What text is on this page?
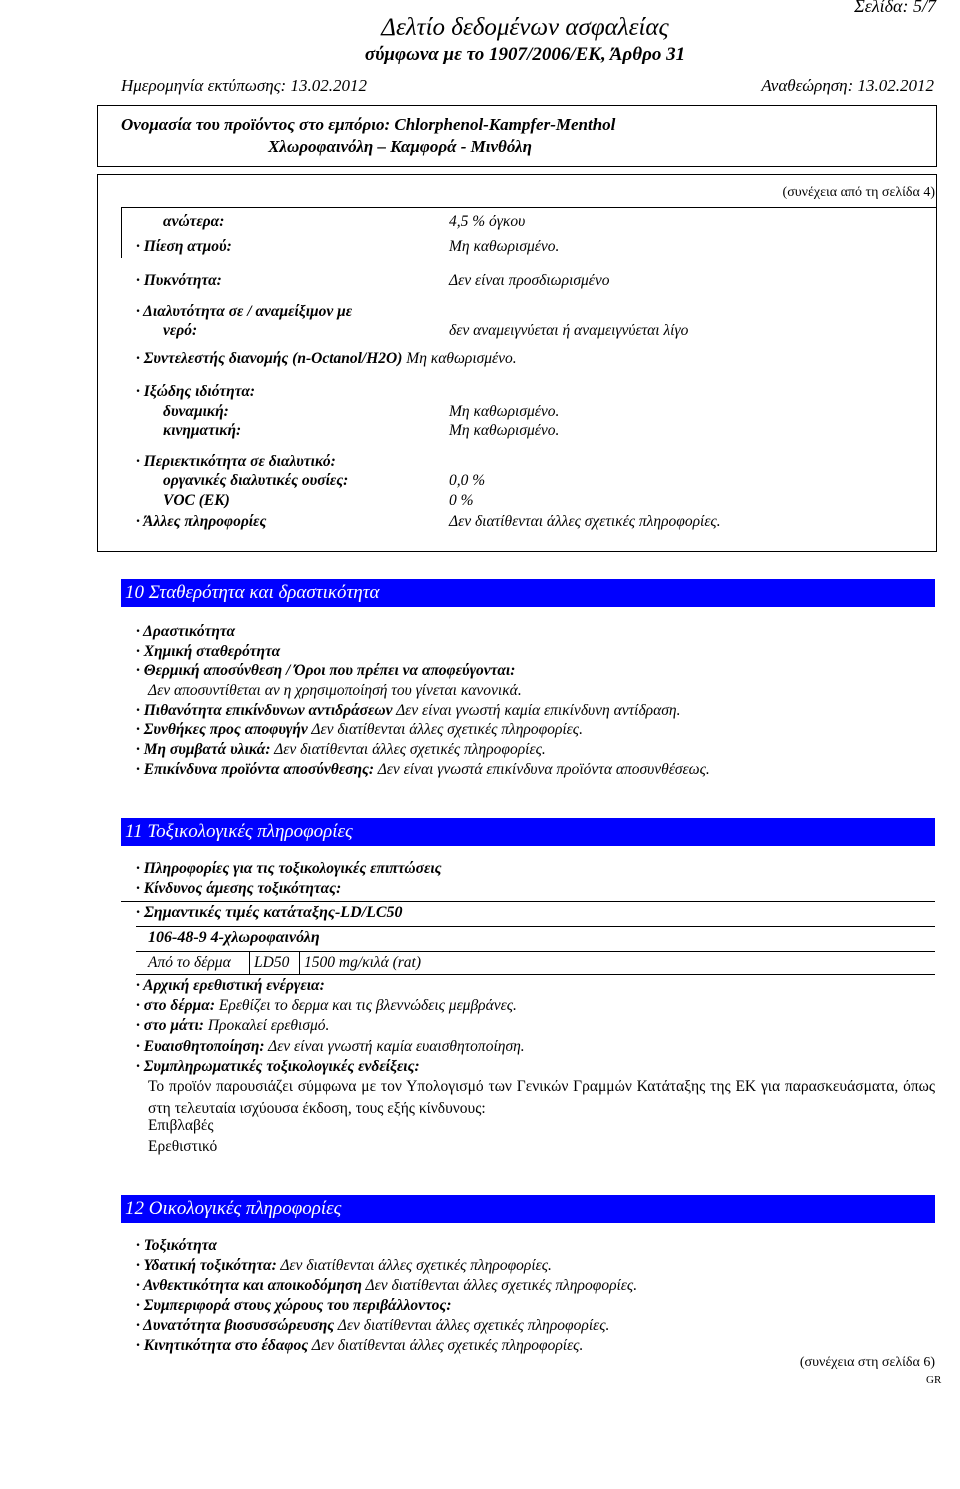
Σελίδα: 5/7
Δελτίο δεδομένων ασφαλείας
σύμφωνα με το 1907/2006/ΕΚ, Άρθρο 31
Ημερομηνία εκτύπωσης: 13.02.2012	Αναθεώρηση: 13.02.2012
Ονομασία του προϊόντος στο εμπόριο: Chlorphenol-Kampfer-Menthol
Χλωροφαινόλη ‒ Καμφορά - Μινθόλη
(συνέχεια από τη σελίδα 4)
ανώτερα:	4,5 % όγκου
· Πίεση ατμού:	Μη καθωρισμένο.
· Πυκνότητα:	Δεν είναι προσδιωρισμένο
· Διαλυτότητα σε / αναμείξιμον με
νερό:	δεν αναμειγνύεται ή αναμειγνύεται λίγο
· Συντελεστής διανομής (n-Octanol/H2O) Μη καθωρισμένο.
· Ιξώδης ιδιότητα:
δυναμική:	Μη καθωρισμένο.
κινηματική:	Μη καθωρισμένο.
· Περιεκτικότητα σε διαλυτικό:
οργανικές διαλυτικές ουσίες:	0,0 %
VOC (ΕΚ)	0 %
· Άλλες πληροφορίες	Δεν διατίθενται άλλες σχετικές πληροφορίες.
10 Σταθερότητα και δραστικότητα
· Δραστικότητα
· Χημική σταθερότητα
· Θερμική αποσύνθεση / Όροι που πρέπει να αποφεύγονται:
Δεν αποσυντίθεται αν η χρησιμοποίησή του γίνεται κανονικά.
· Πιθανότητα επικίνδυνων αντιδράσεων Δεν είναι γνωστή καμία επικίνδυνη αντίδραση.
· Συνθήκες προς αποφυγήν Δεν διατίθενται άλλες σχετικές πληροφορίες.
· Μη συμβατά υλικά: Δεν διατίθενται άλλες σχετικές πληροφορίες.
· Επικίνδυνα προϊόντα αποσύνθεσης: Δεν είναι γνωστά επικίνδυνα προϊόντα αποσυνθέσεως.
11 Τοξικολογικές πληροφορίες
· Πληροφορίες για τις τοξικολογικές επιπτώσεις
· Κίνδυνος άμεσης τοξικότητας:
· Σημαντικές τιμές κατάταξης-LD/LC50
106-48-9 4-χλωροφαινόλη
Από το δέρμα	LD50 1500 mg/κιλά (rat)
· Αρχική ερεθιστική ενέργεια:
· στο δέρμα: Ερεθίζει το δερμα και τις βλεννώδεις μεμβράνες.
· στο μάτι: Προκαλεί ερεθισμό.
· Ευαισθητοποίηση: Δεν είναι γνωστή καμία ευαισθητοποίηση.
· Συμπληρωματικές τοξικολογικές ενδείξεις:
Το προϊόν παρουσιάζει σύμφωνα με τον Υπολογισμό των Γενικών Γραμμών Κατάταξης της ΕΚ για παρασκευάσματα, όπως στη τελευταία ισχύουσα έκδοση, τους εξής κίνδυνους:
Επιβλαβές
Ερεθιστικό
12 Οικολογικές πληροφορίες
· Τοξικότητα
· Υδατική τοξικότητα: Δεν διατίθενται άλλες σχετικές πληροφορίες.
· Ανθεκτικότητα και αποικοδόμηση Δεν διατίθενται άλλες σχετικές πληροφορίες.
· Συμπεριφορά στους χώρους του περιβάλλοντος:
· Δυνατότητα βιοσυσσώρευσης Δεν διατίθενται άλλες σχετικές πληροφορίες.
· Κινητικότητα στο έδαφος Δεν διατίθενται άλλες σχετικές πληροφορίες.
(συνέχεια στη σελίδα 6)
GR
